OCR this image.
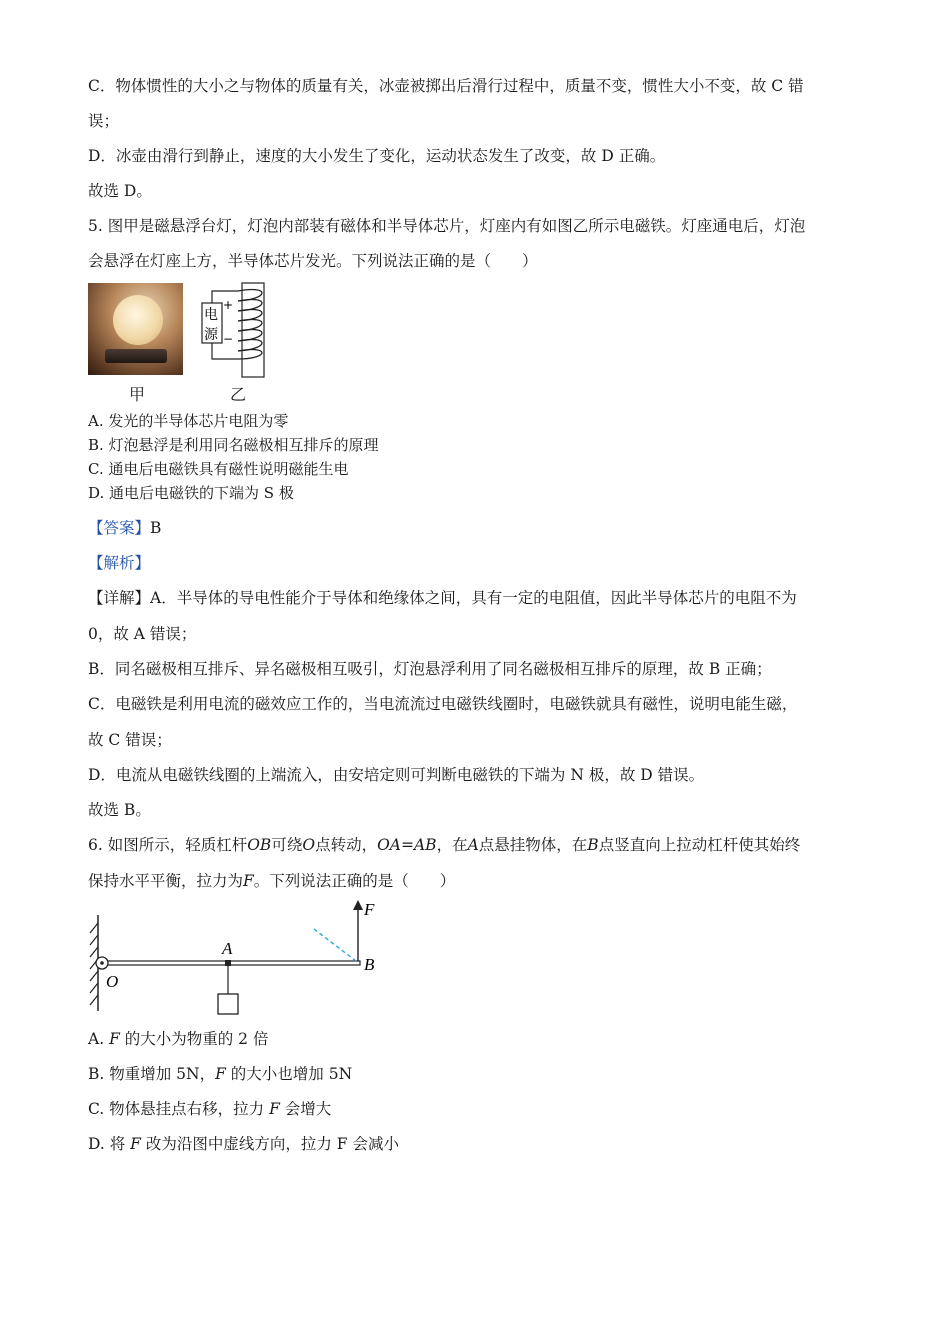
C．物体惯性的大小之与物体的质量有关，冰壶被掷出后滑行过程中，质量不变，惯性大小不变，故 C 错

误；

D．冰壶由滑行到静止，速度的大小发生了变化，运动状态发生了改变，故 D 正确。

故选 D。

5. 图甲是磁悬浮台灯，灯泡内部装有磁体和半导体芯片，灯座内有如图乙所示电磁铁。灯座通电后，灯泡

会悬浮在灯座上方，半导体芯片发光。下列说法正确的是（　　）

甲
电
源
+
−
乙

A. 发光的半导体芯片电阻为零

B. 灯泡悬浮是利用同名磁极相互排斥的原理

C. 通电后电磁铁具有磁性说明磁能生电

D. 通电后电磁铁的下端为 S 极

【答案】B

【解析】

【详解】A．半导体的导电性能介于导体和绝缘体之间，具有一定的电阻值，因此半导体芯片的电阻不为

0，故 A 错误；

B．同名磁极相互排斥、异名磁极相互吸引，灯泡悬浮利用了同名磁极相互排斥的原理，故 B 正确；

C．电磁铁是利用电流的磁效应工作的，当电流流过电磁铁线圈时，电磁铁就具有磁性，说明电能生磁，

故 C 错误；

D．电流从电磁铁线圈的上端流入，由安培定则可判断电磁铁的下端为 N 极，故 D 错误。

故选 B。

6. 如图所示，轻质杠杆OB可绕O点转动，OA=AB，在A点悬挂物体，在B点竖直向上拉动杠杆使其始终

保持水平平衡，拉力为F。下列说法正确的是（　　）

F
A
O
B

A. F 的大小为物重的 2 倍

B. 物重增加 5N，F 的大小也增加 5N

C. 物体悬挂点右移，拉力 F 会增大

D. 将 F 改为沿图中虚线方向，拉力 F 会减小
